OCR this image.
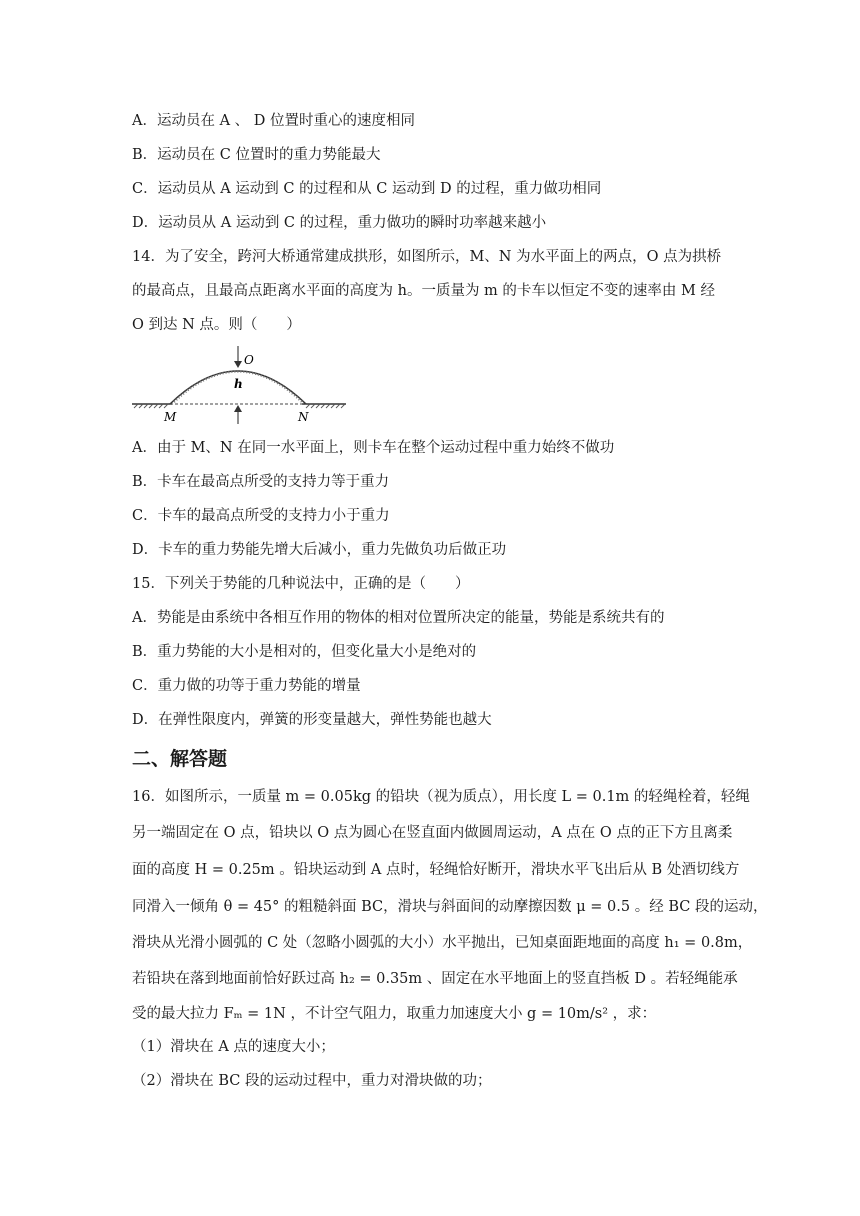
A．运动员在 A 、 D 位置时重心的速度相同
B．运动员在 C 位置时的重力势能最大
C．运动员从 A 运动到 C 的过程和从 C 运动到 D 的过程，重力做功相同
D．运动员从 A 运动到 C 的过程，重力做功的瞬时功率越来越小
14．为了安全，跨河大桥通常建成拱形，如图所示，M、N 为水平面上的两点，O 点为拱桥
的最高点，且最高点距离水平面的高度为 h。一质量为 m 的卡车以恒定不变的速率由 M 经
O 到达 N 点。则（　　）
O
h
M	N
A．由于 M、N 在同一水平面上，则卡车在整个运动过程中重力始终不做功
B．卡车在最高点所受的支持力等于重力
C．卡车的最高点所受的支持力小于重力
D．卡车的重力势能先增大后减小，重力先做负功后做正功
15．下列关于势能的几种说法中，正确的是（　　）
A．势能是由系统中各相互作用的物体的相对位置所决定的能量，势能是系统共有的
B．重力势能的大小是相对的，但变化量大小是绝对的
C．重力做的功等于重力势能的增量
D．在弹性限度内，弹簧的形变量越大，弹性势能也越大
二、解答题
16．如图所示，一质量 m = 0.05kg 的铅块（视为质点），用长度 L = 0.1m 的轻绳栓着，轻绳
另一端固定在 O 点，铅块以 O 点为圆心在竖直面内做圆周运动，A 点在 O 点的正下方且离柔
面的高度 H = 0.25m 。铅块运动到 A 点时，轻绳恰好断开，滑块水平飞出后从 B 处酒切线方
同滑入一倾角 θ = 45° 的粗糙斜面 BC，滑块与斜面间的动摩擦因数 μ = 0.5 。经 BC 段的运动，
滑块从光滑小圆弧的 C 处（忽略小圆弧的大小）水平抛出，已知桌面距地面的高度 h₁ = 0.8m，
若铅块在落到地面前恰好跃过高 h₂ = 0.35m 、固定在水平地面上的竖直挡板 D 。若轻绳能承
受的最大拉力 Fₘ = 1N ，不计空气阻力，取重力加速度大小 g = 10m/s² ，求：
（1）滑块在 A 点的速度大小；
（2）滑块在 BC 段的运动过程中，重力对滑块做的功；
